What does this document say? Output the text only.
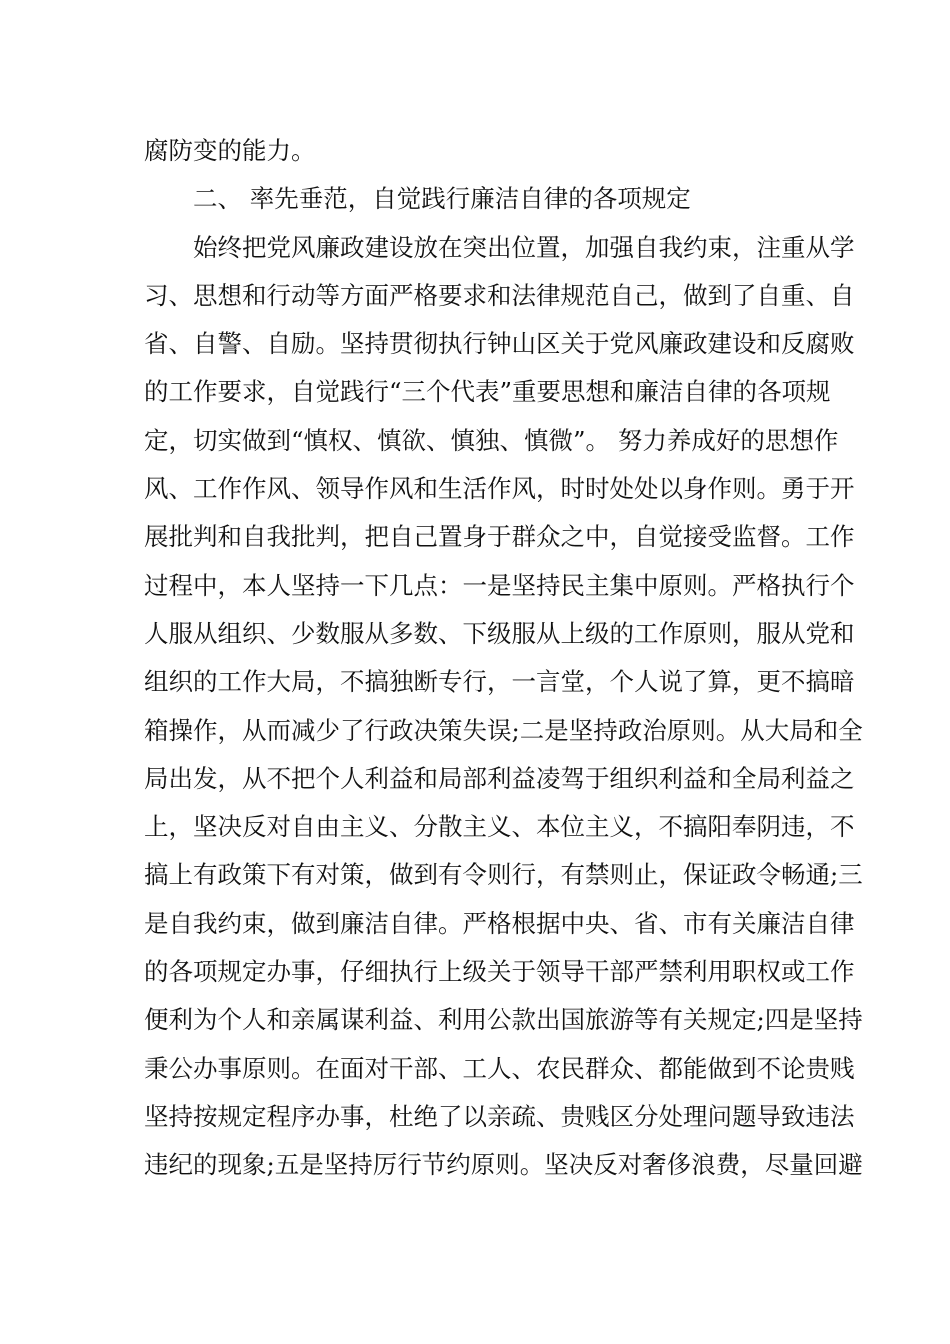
腐防变的能力。
二、 率先垂范，自觉践行廉洁自律的各项规定
始终把党风廉政建设放在突出位置，加强自我约束，注重从学
习、思想和行动等方面严格要求和法律规范自己，做到了自重、自
省、自警、自励。坚持贯彻执行钟山区关于党风廉政建设和反腐败
的工作要求，自觉践行“三个代表”重要思想和廉洁自律的各项规
定，切实做到“慎权、慎欲、慎独、慎微”。 努力养成好的思想作
风、工作作风、领导作风和生活作风，时时处处以身作则。勇于开
展批判和自我批判，把自己置身于群众之中，自觉接受监督。工作
过程中，本人坚持一下几点：一是坚持民主集中原则。严格执行个
人服从组织、少数服从多数、下级服从上级的工作原则，服从党和
组织的工作大局，不搞独断专行，一言堂，个人说了算，更不搞暗
箱操作，从而减少了行政决策失误;二是坚持政治原则。从大局和全
局出发，从不把个人利益和局部利益凌驾于组织利益和全局利益之
上，坚决反对自由主义、分散主义、本位主义，不搞阳奉阴违，不
搞上有政策下有对策，做到有令则行，有禁则止，保证政令畅通;三
是自我约束，做到廉洁自律。严格根据中央、省、市有关廉洁自律
的各项规定办事，仔细执行上级关于领导干部严禁利用职权或工作
便利为个人和亲属谋利益、利用公款出国旅游等有关规定;四是坚持
秉公办事原则。在面对干部、工人、农民群众、都能做到不论贵贱
坚持按规定程序办事，杜绝了以亲疏、贵贱区分处理问题导致违法
违纪的现象;五是坚持厉行节约原则。坚决反对奢侈浪费，尽量回避
